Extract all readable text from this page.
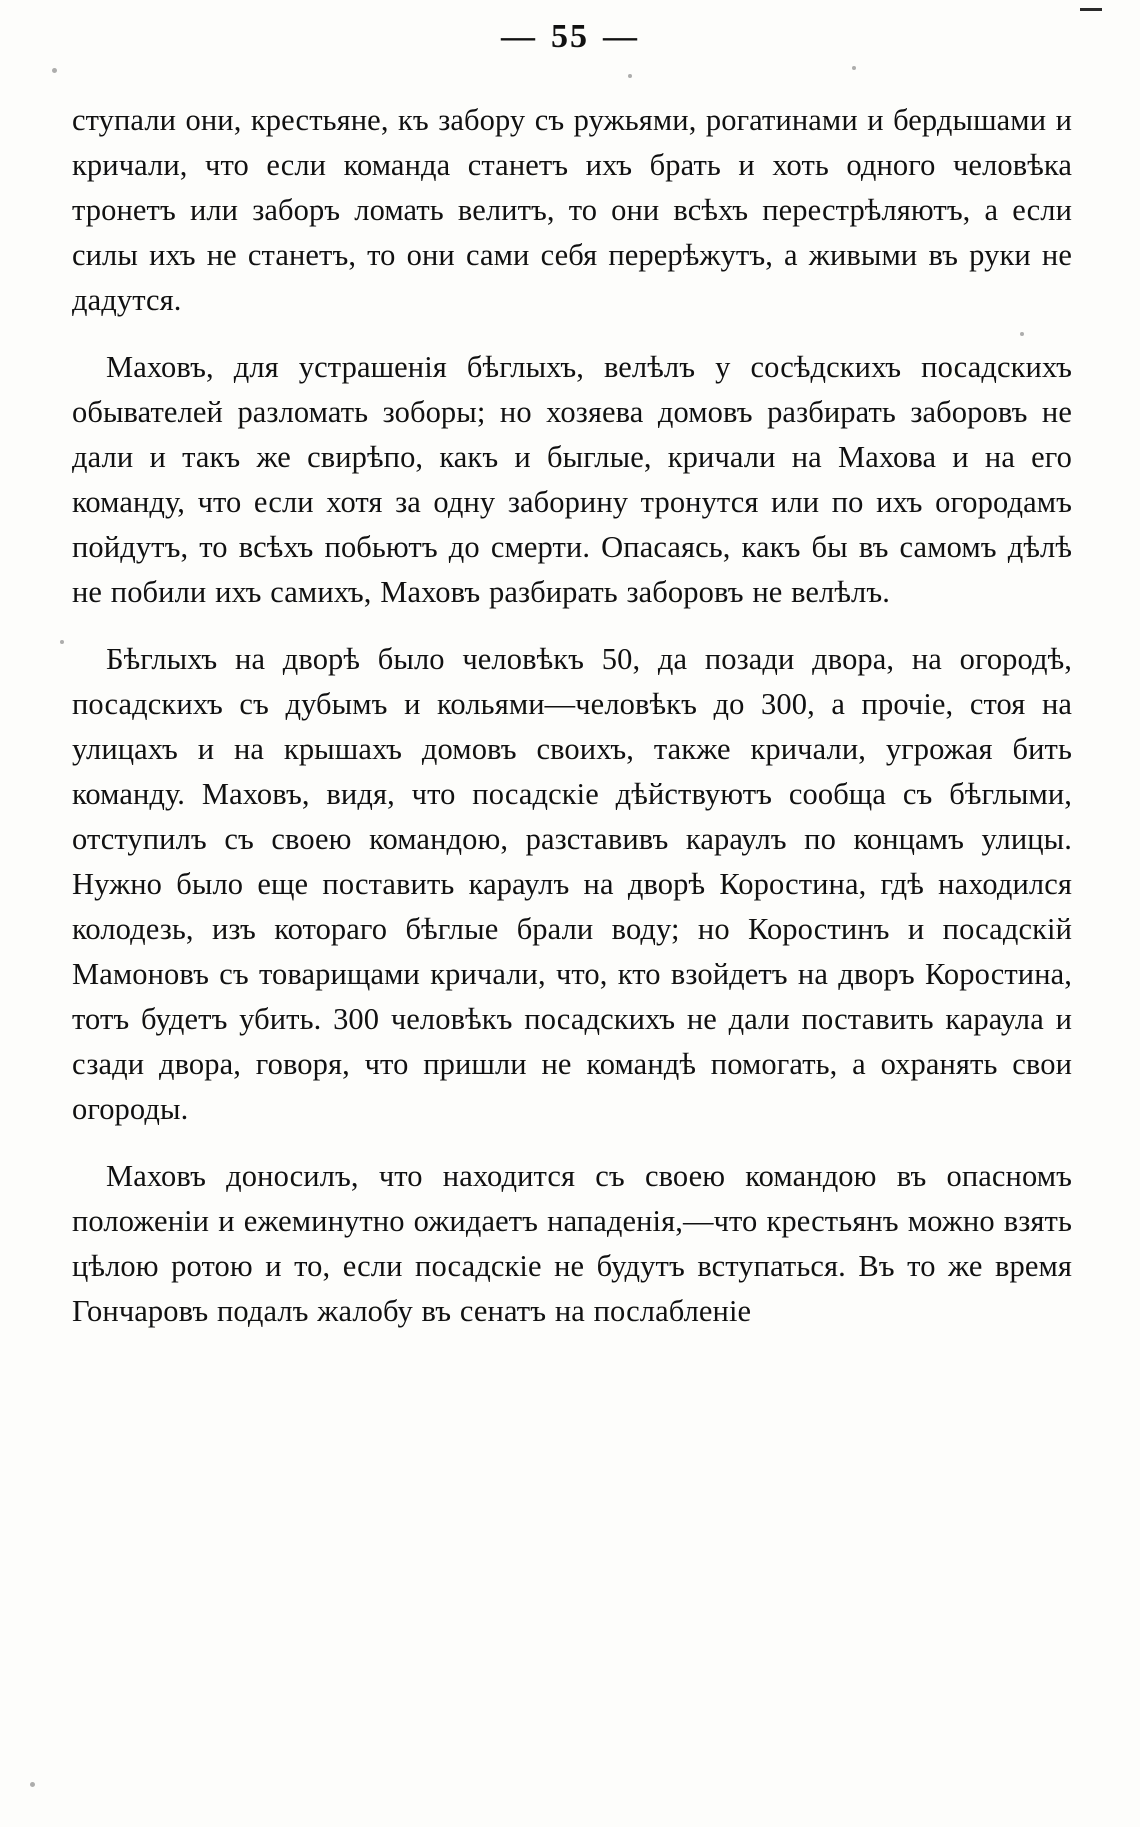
— 55 —

ступали они, крестьяне, къ забору съ ружьями, рогатинами и бердышами и кричали, что если команда станетъ ихъ брать и хоть одного человѣка тронетъ или заборъ ломать велитъ, то они всѣхъ перестрѣляютъ, а если силы ихъ не станетъ, то они сами себя перерѣжутъ, а живыми въ руки не дадутся.

Маховъ, для устрашенія бѣглыхъ, велѣлъ у сосѣдскихъ посадскихъ обывателей разломать зоборы; но хозяева домовъ разбирать заборовъ не дали и такъ же свирѣпо, какъ и быглые, кричали на Махова и на его команду, что если хотя за одну заборину тронутся или по ихъ огородамъ пойдутъ, то всѣхъ побьютъ до смерти. Опасаясь, какъ бы въ самомъ дѣлѣ не побили ихъ самихъ, Маховъ разбирать заборовъ не велѣлъ.

Бѣглыхъ на дворѣ было человѣкъ 50, да позади двора, на огородѣ, посадскихъ съ дубымъ и кольями—человѣкъ до 300, а прочіе, стоя на улицахъ и на крышахъ домовъ своихъ, также кричали, угрожая бить команду. Маховъ, видя, что посадскіе дѣйствуютъ сообща съ бѣглыми, отступилъ съ своею командою, разставивъ караулъ по концамъ улицы. Нужно было еще поставить караулъ на дворѣ Коростина, гдѣ находился колодезь, изъ котораго бѣглые брали воду; но Коростинъ и посадскій Мамоновъ съ товарищами кричали, что, кто взойдетъ на дворъ Коростина, тотъ будетъ убить. 300 человѣкъ посадскихъ не дали поставить караула и сзади двора, говоря, что пришли не командѣ помогать, а охранять свои огороды.

Маховъ доносилъ, что находится съ своею командою въ опасномъ положеніи и ежеминутно ожидаетъ нападенія,—что крестьянъ можно взять цѣлою ротою и то, если посадскіе не будутъ вступаться. Въ то же время Гончаровъ подалъ жалобу въ сенатъ на послабленіе
